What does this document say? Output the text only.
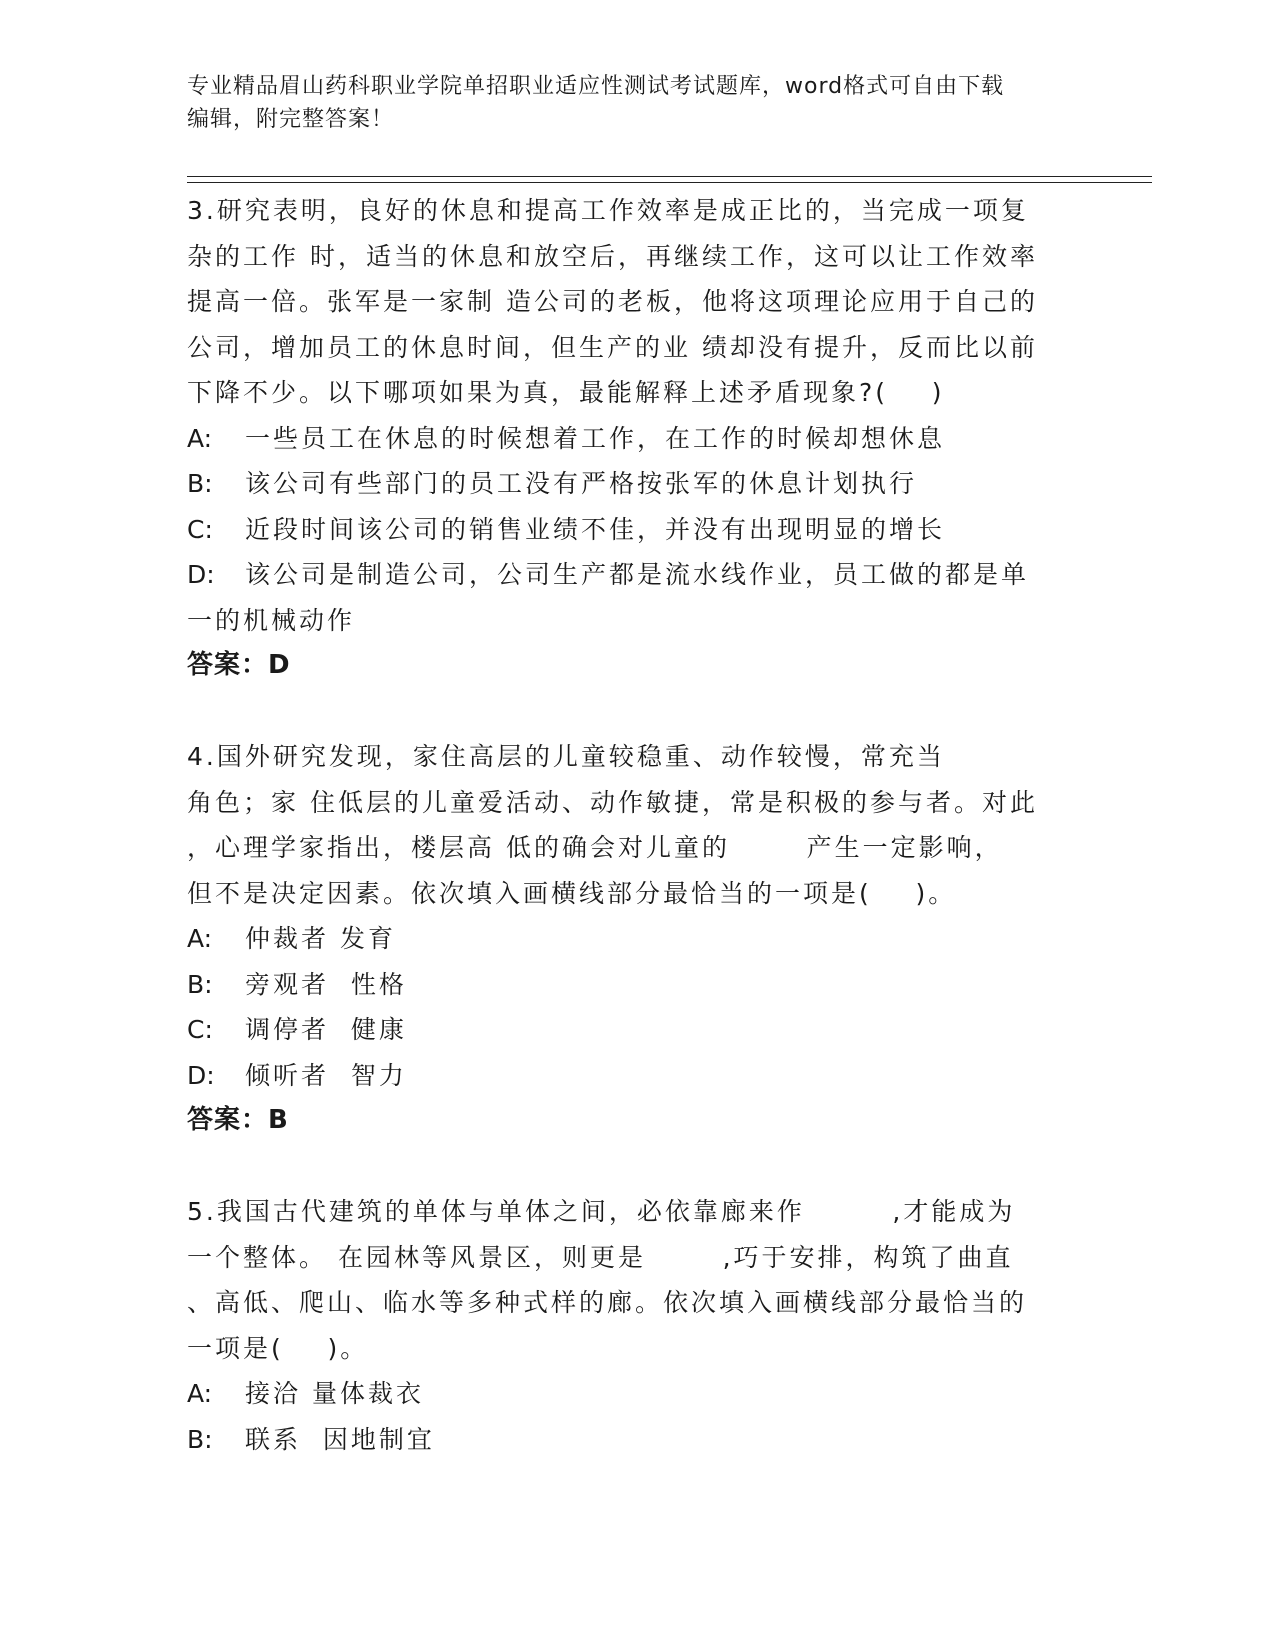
专业精品眉山药科职业学院单招职业适应性测试考试题库，word格式可自由下载
编辑，附完整答案！
3.研究表明，良好的休息和提高工作效率是成正比的，当完成一项复
杂的工作 时，适当的休息和放空后，再继续工作，这可以让工作效率
提高一倍。张军是一家制 造公司的老板，他将这项理论应用于自己的
公司，增加员工的休息时间，但生产的业 绩却没有提升，反而比以前
下降不少。以下哪项如果为真，最能解释上述矛盾现象?(    )
A:	一些员工在休息的时候想着工作，在工作的时候却想休息
B:	该公司有些部门的员工没有严格按张军的休息计划执行
C:	近段时间该公司的销售业绩不佳，并没有出现明显的增长
D:	该公司是制造公司，公司生产都是流水线作业，员工做的都是单
一的机械动作
答案：D
4.国外研究发现，家住高层的儿童较稳重、动作较慢，常充当
角色；家 住低层的儿童爱活动、动作敏捷，常是积极的参与者。对此
，心理学家指出，楼层高 低的确会对儿童的       产生一定影响，
但不是决定因素。依次填入画横线部分最恰当的一项是(    )。
A:	仲裁者 发育
B:	旁观者  性格
C:	调停者  健康
D:	倾听者  智力
答案：B
5.我国古代建筑的单体与单体之间，必依靠廊来作        ,才能成为
一个整体。 在园林等风景区，则更是       ,巧于安排，构筑了曲直
、高低、爬山、临水等多种式样的廊。依次填入画横线部分最恰当的
一项是(    )。
A:	接洽 量体裁衣
B:	联系  因地制宜
